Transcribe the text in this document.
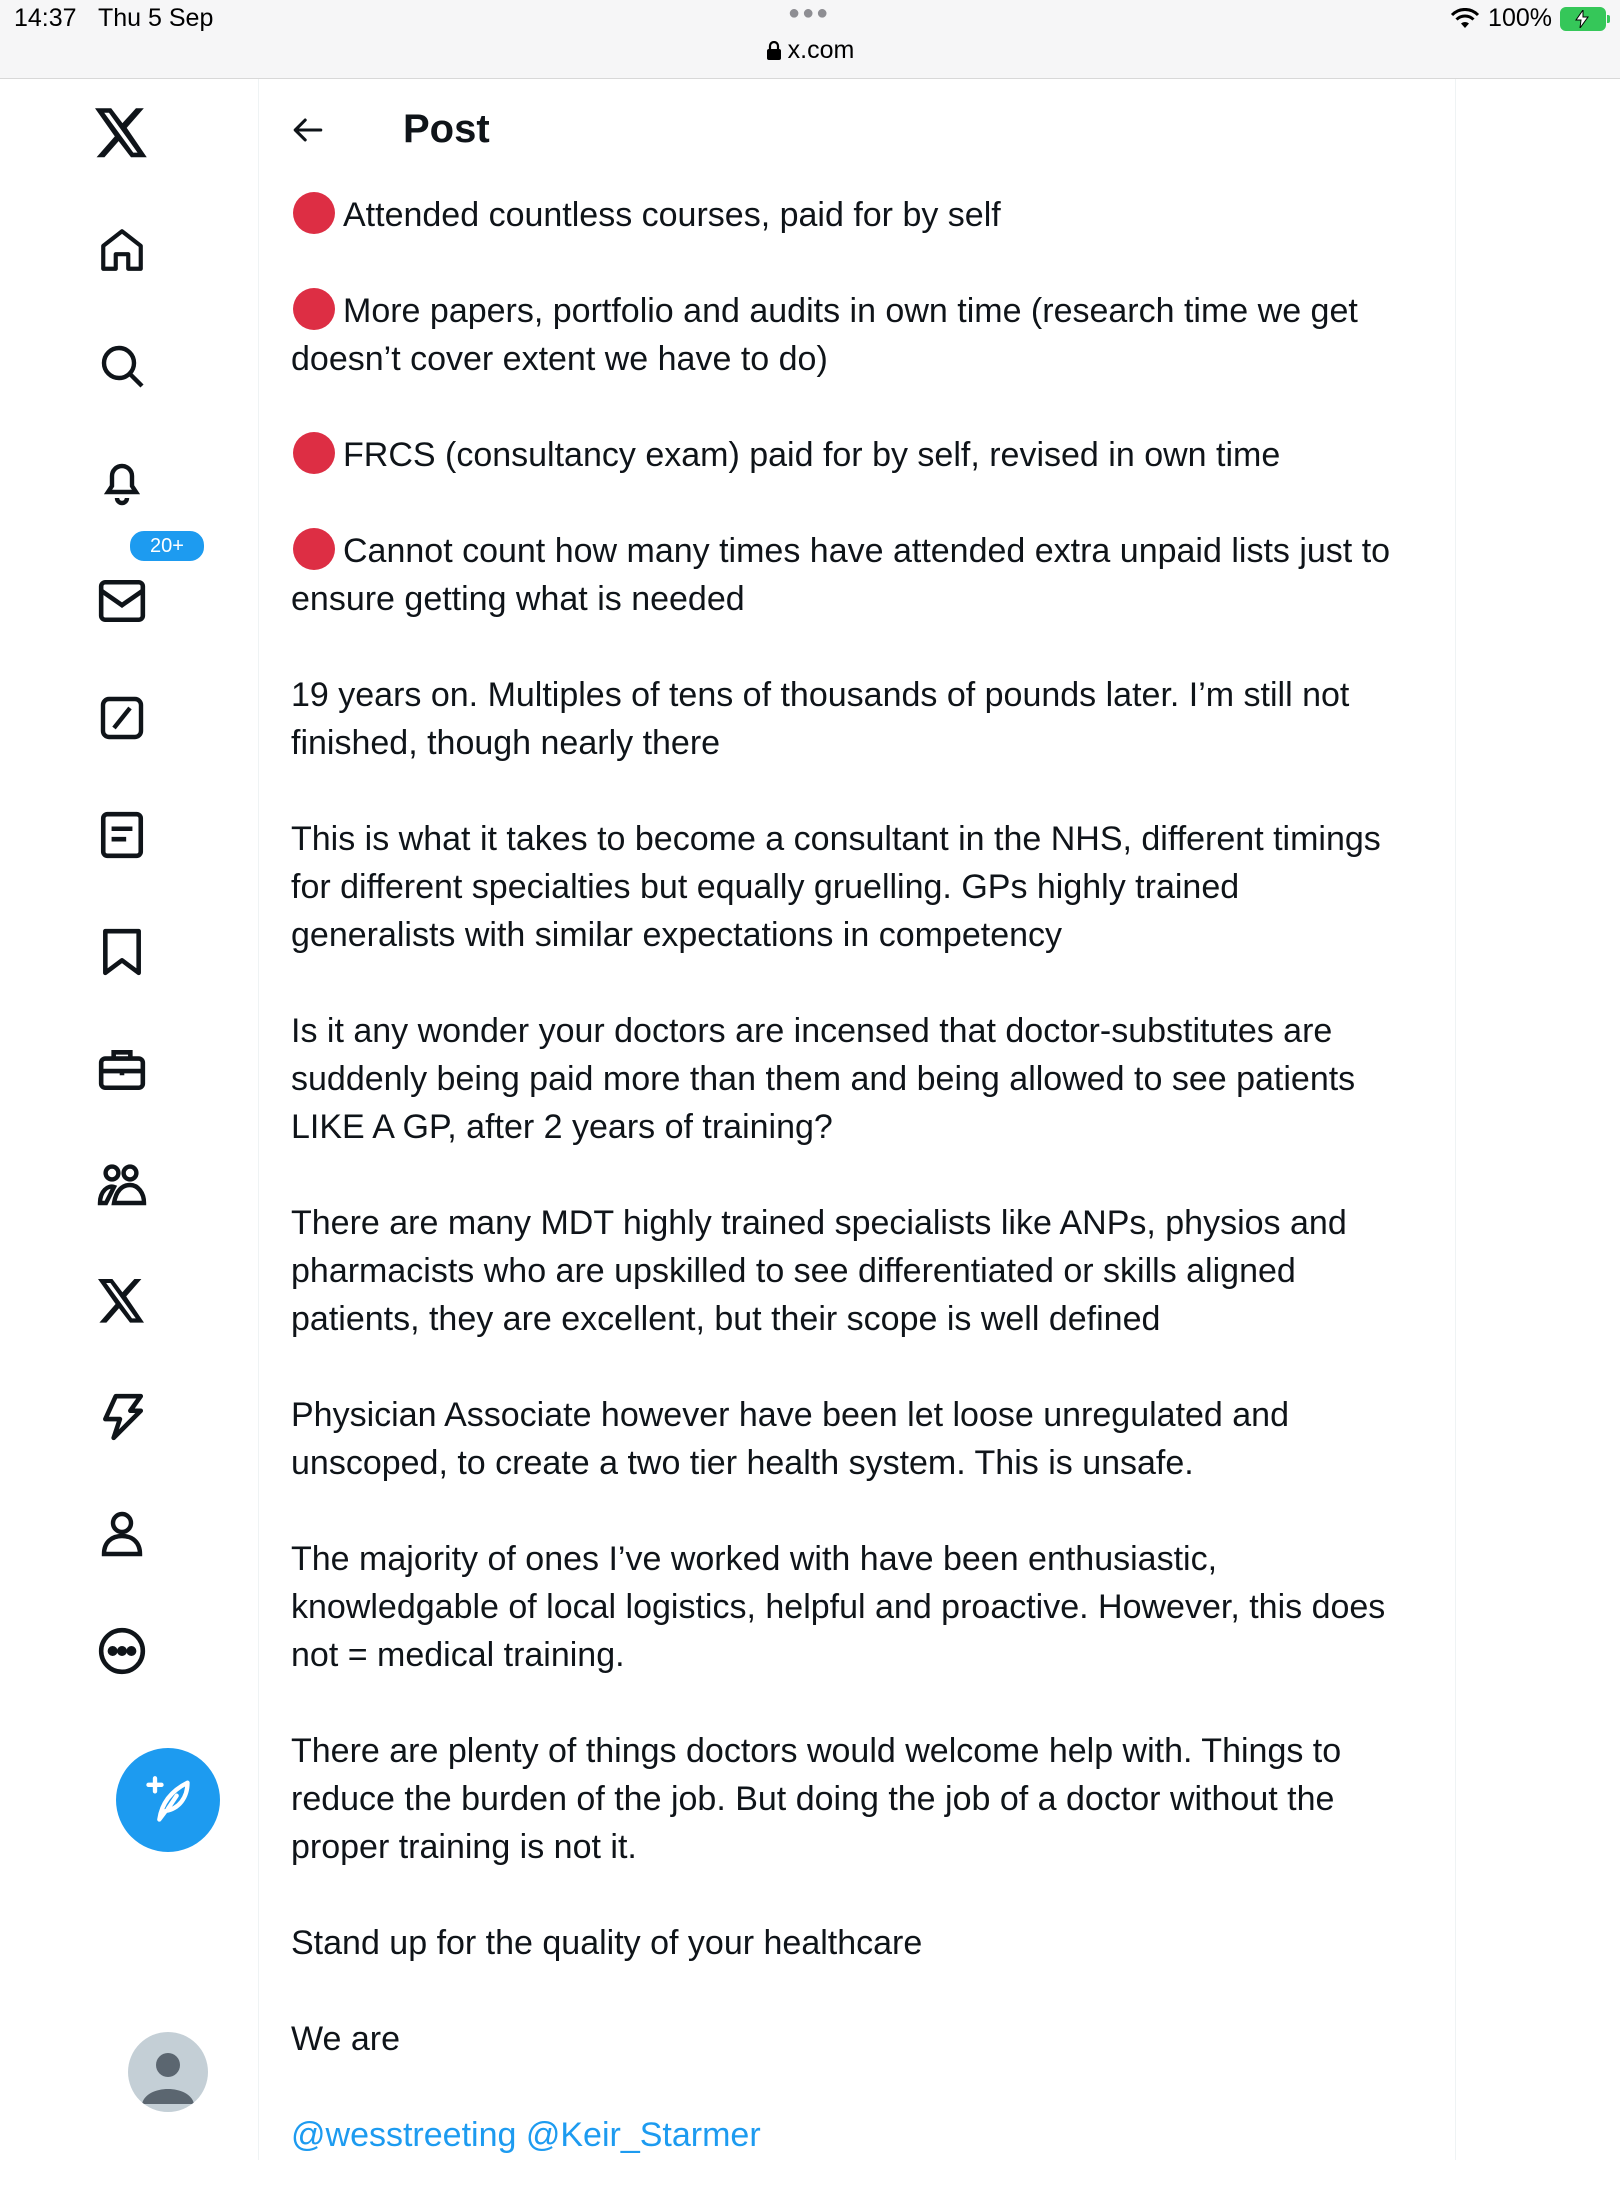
14:37 Thu 5 Sep	●●●
x.com
100%
20+
Post

Attended countless courses, paid for by self

More papers, portfolio and audits in own time (research time we get doesn’t cover extent we have to do)

FRCS (consultancy exam) paid for by self, revised in own time

Cannot count how many times have attended extra unpaid lists just to ensure getting what is needed

19 years on. Multiples of tens of thousands of pounds later. I’m still not finished, though nearly there

This is what it takes to become a consultant in the NHS, different timings for different specialties but equally gruelling. GPs highly trained generalists with similar expectations in competency

Is it any wonder your doctors are incensed that doctor-substitutes are suddenly being paid more than them and being allowed to see patients LIKE A GP, after 2 years of training?

There are many MDT highly trained specialists like ANPs, physios and pharmacists who are upskilled to see differentiated or skills aligned patients, they are excellent, but their scope is well defined

Physician Associate however have been let loose unregulated and unscoped, to create a two tier health system. This is unsafe.

The majority of ones I’ve worked with have been enthusiastic, knowledgable of local logistics, helpful and proactive. However, this does not = medical training.

There are plenty of things doctors would welcome help with. Things to reduce the burden of the job. But doing the job of a doctor without the proper training is not it.

Stand up for the quality of your healthcare

We are

@wesstreeting @Keir_Starmer
